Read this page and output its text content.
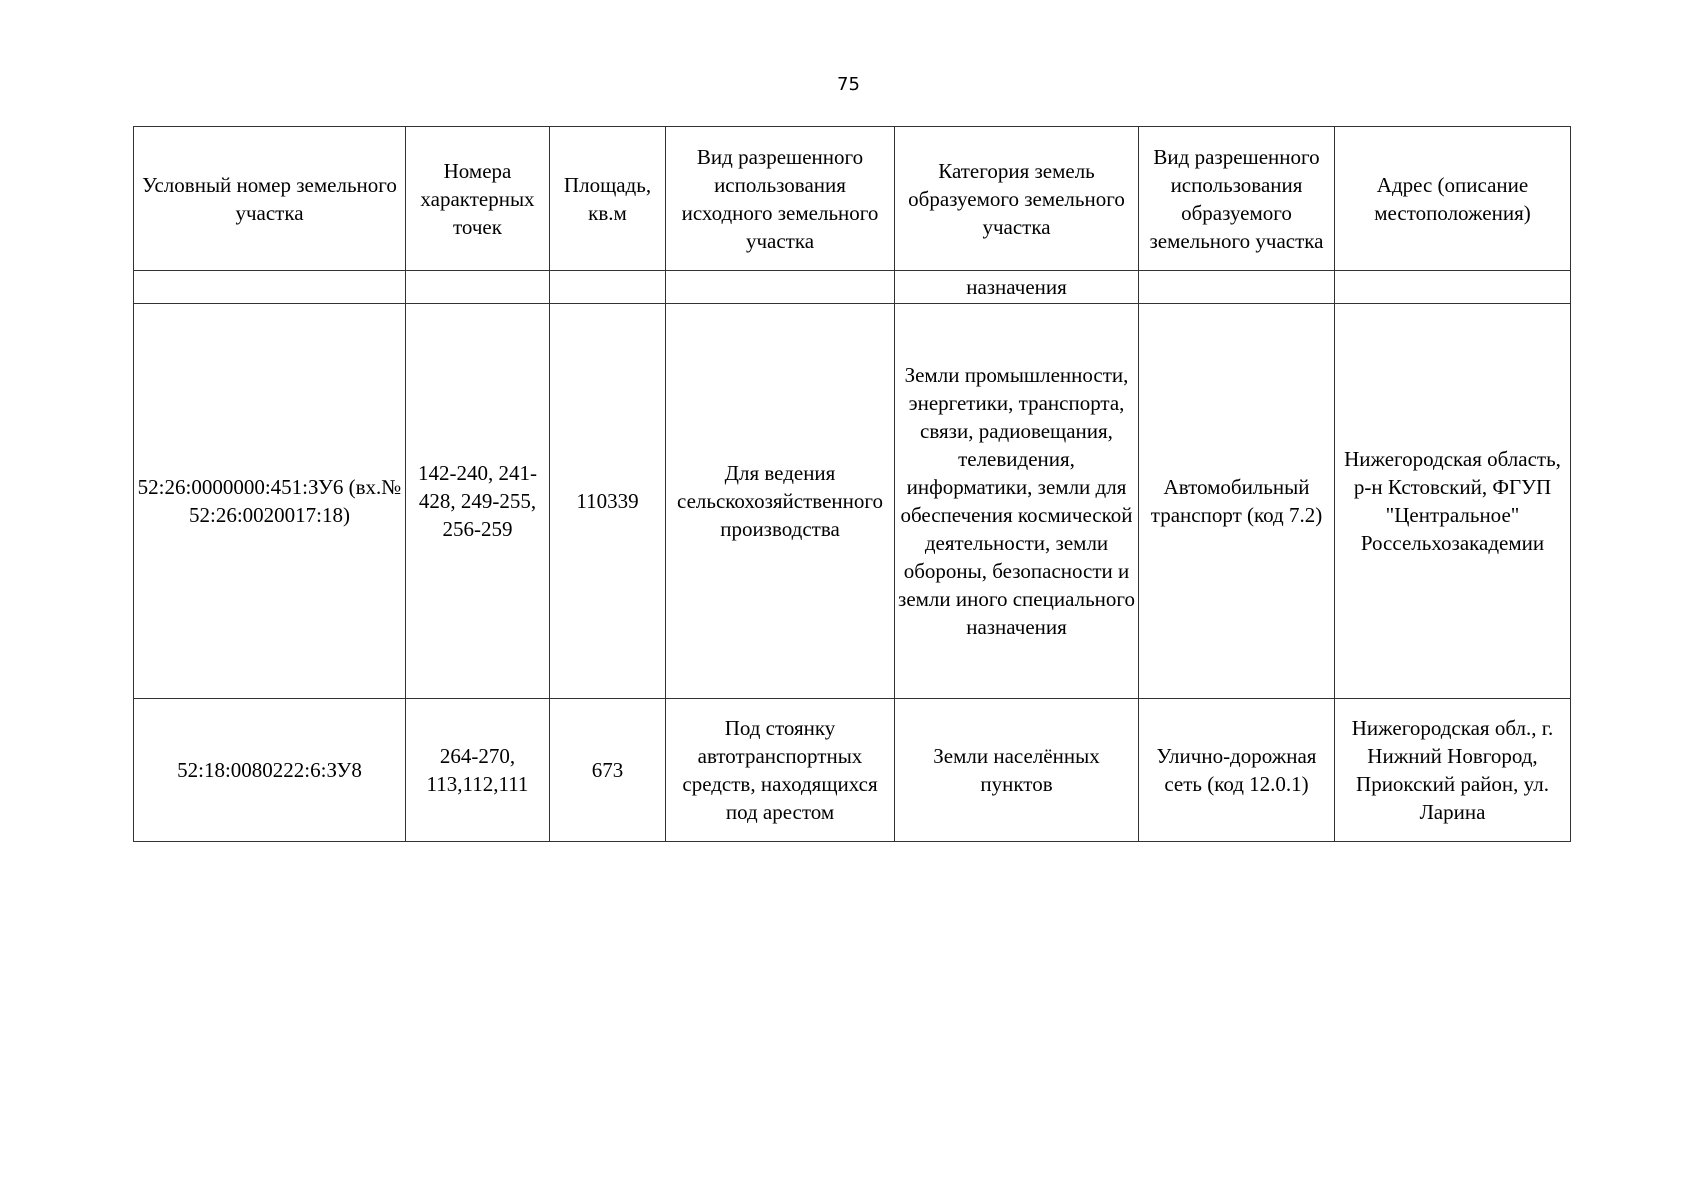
75
Условный номер земельного участка	Номера характерных точек	Площадь, кв.м	Вид разрешенного использования исходного земельного участка	Категория земель образуемого земельного участка	Вид разрешенного использования образуемого земельного участка	Адрес (описание местоположения)

				назначения		
52:26:0000000:451:ЗУ6 (вх.№ 52:26:0020017:18)	142-240, 241-428, 249-255, 256-259	110339	Для ведения сельскохозяйственного производства	Земли промышленности, энергетики, транспорта, связи, радиовещания, телевидения, информатики, земли для обеспечения космической деятельности, земли обороны, безопасности и земли иного специального назначения	Автомобильный транспорт (код 7.2)	Нижегородская область, р-н Кстовский, ФГУП "Центральное" Россельхозакадемии
52:18:0080222:6:ЗУ8	264-270, 113,112,111	673	Под стоянку автотранспортных средств, находящихся под арестом	Земли населённых пунктов	Улично-дорожная сеть (код 12.0.1)	Нижегородская обл., г. Нижний Новгород, Приокский район, ул. Ларина
